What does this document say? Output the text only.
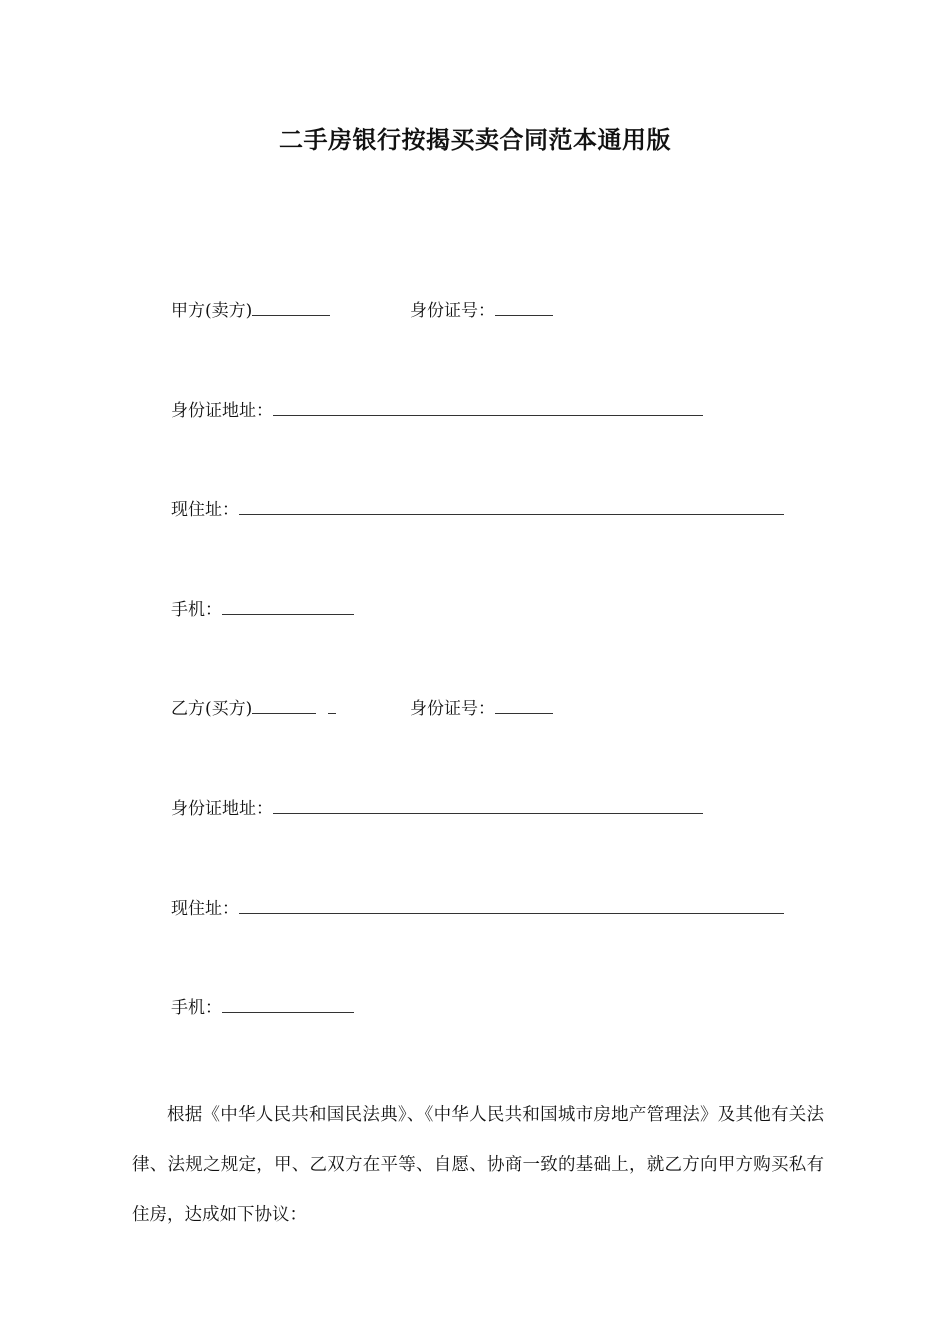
二手房银行按揭买卖合同范本通用版
甲方(卖方)	身份证号：
身份证地址：
现住址：
手机：
乙方(买方)	身份证号：
身份证地址：
现住址：
手机：

根据《中华人民共和国民法典》、《中华人民共和国城市房地产管理法》及其他有关法律、法规之规定，甲、乙双方在平等、自愿、协商一致的基础上，就乙方向甲方购买私有住房，达成如下协议：
